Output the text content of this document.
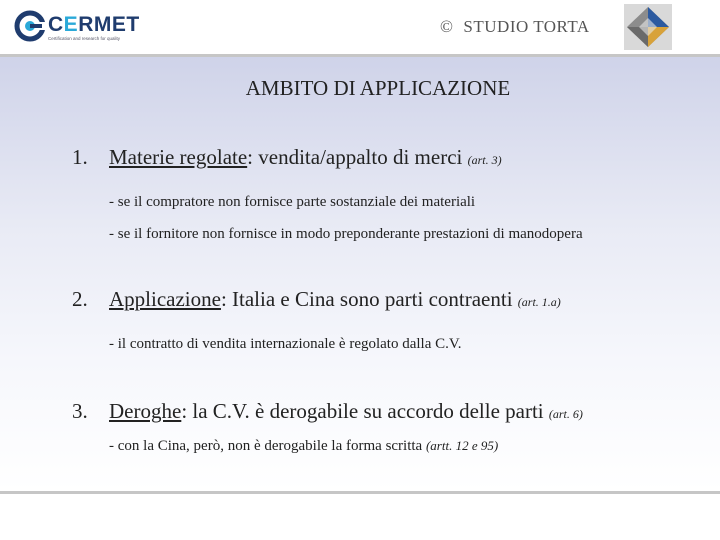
CERMET
Certification and research for quality
© STUDIO TORTA
AMBITO DI APPLICAZIONE
1. Materie regolate: vendita/appalto di merci (art. 3)
- se il compratore non fornisce parte sostanziale dei materiali
- se il fornitore non fornisce in modo preponderante prestazioni di manodopera
2. Applicazione: Italia e Cina sono parti contraenti (art. 1.a)
- il contratto di vendita internazionale è regolato dalla C.V.
3. Deroghe: la C.V. è derogabile su accordo delle parti (art. 6)
- con la Cina, però, non è derogabile la forma scritta (artt. 12 e 95)
